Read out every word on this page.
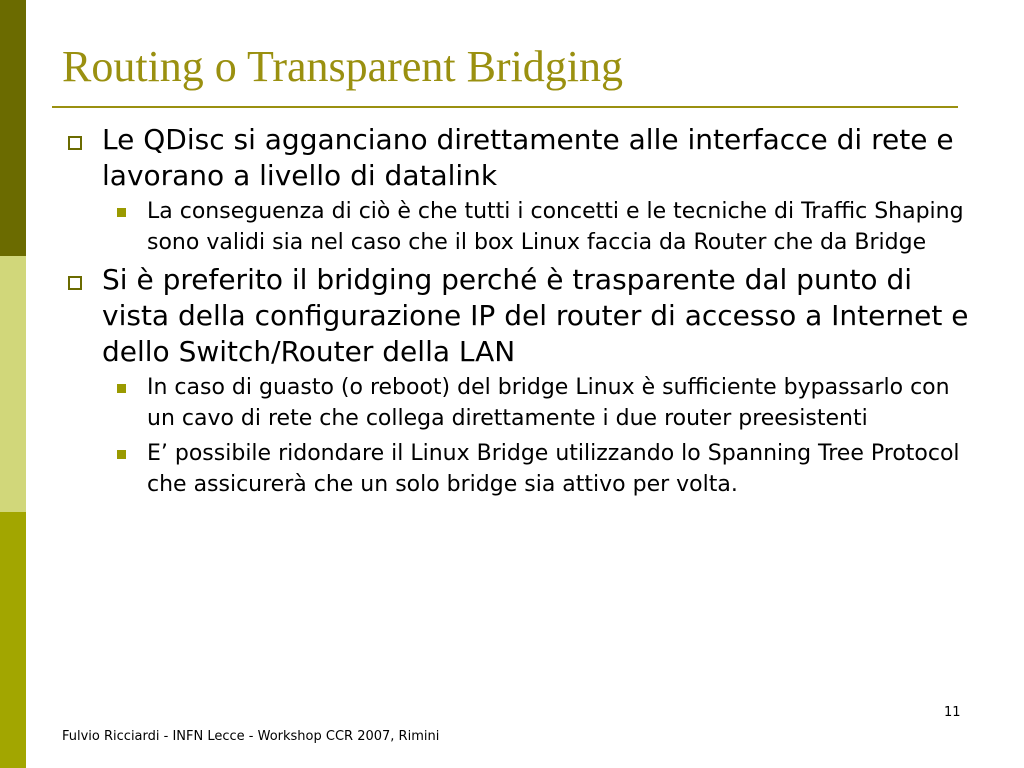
Routing o Transparent Bridging
Le QDisc si agganciano direttamente alle interfacce di rete e lavorano a livello di datalink
La conseguenza di ciò è che tutti i concetti e le tecniche di Traffic Shaping sono validi sia nel caso che il box Linux faccia da Router che da Bridge
Si è preferito il bridging perché è trasparente dal punto di vista della configurazione IP del router di accesso a Internet e dello Switch/Router della LAN
In caso di guasto (o reboot) del bridge Linux è sufficiente bypassarlo con un cavo di rete che collega direttamente i due router preesistenti
E’ possibile ridondare il Linux Bridge utilizzando lo Spanning Tree Protocol che assicurerà che un solo bridge sia attivo per volta.
11
Fulvio Ricciardi - INFN Lecce - Workshop CCR 2007, Rimini
